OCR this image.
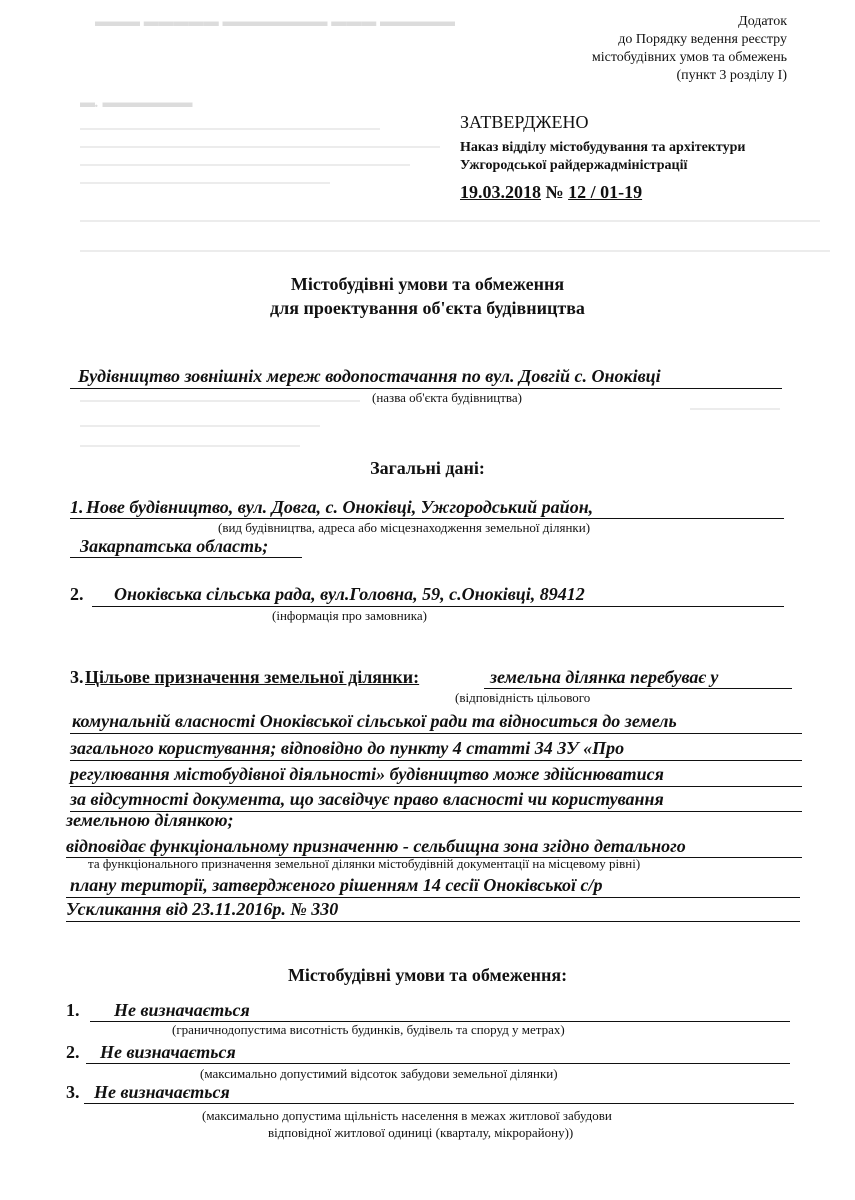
▬▬▬ ▬▬▬▬▬ ▬▬▬▬▬▬▬ ▬▬▬ ▬▬▬▬▬
▬. ▬▬▬▬▬▬
Додаток
до Порядку ведення реєстру
містобудівних умов та обмежень
(пункт 3 розділу І)
ЗАТВЕРДЖЕНО
Наказ відділу містобудування та архітектури
Ужгородської райдержадміністрації
19.03.2018 № 12 / 01-19
Містобудівні умови та обмеження
для проектування об'єкта будівництва
Будівництво зовнішніх мереж водопостачання по вул. Довгій с. Оноківці
(назва об'єкта будівництва)
Загальні дані:
1. Нове будівництво, вул. Довга, с. Оноківці, Ужгородський район,
(вид будівництва, адреса або місцезнаходження земельної ділянки)
Закарпатська область;
2. Оноківська сільська рада, вул.Головна, 59, с.Оноківці, 89412
(інформація про замовника)
3. Цільове призначення земельної ділянки:	земельна ділянка перебуває у
(відповідність цільового
комунальній власності Оноківської сільської ради та відноситься до земель
загального користування; відповідно до пункту 4 статті 34 ЗУ «Про
регулювання містобудівної діяльності» будівництво може здійснюватися
за відсутності документа, що засвідчує право власності чи користування
земельною ділянкою;
відповідає функціональному призначенню - сельбищна зона згідно детального
та функціонального призначення земельної ділянки містобудівній документації на місцевому рівні)
плану території, затвердженого рішенням 14 сесії Оноківської с/р
Ускликання від 23.11.2016р. № 330
Містобудівні умови та обмеження:
1. Не визначається
(граничнодопустима висотність будинків, будівель та споруд у метрах)
2. Не визначається
(максимально допустимий відсоток забудови земельної ділянки)
3. Не визначається
(максимально допустима щільність населення в межах житлової забудови
відповідної житлової одиниці (кварталу, мікрорайону))
